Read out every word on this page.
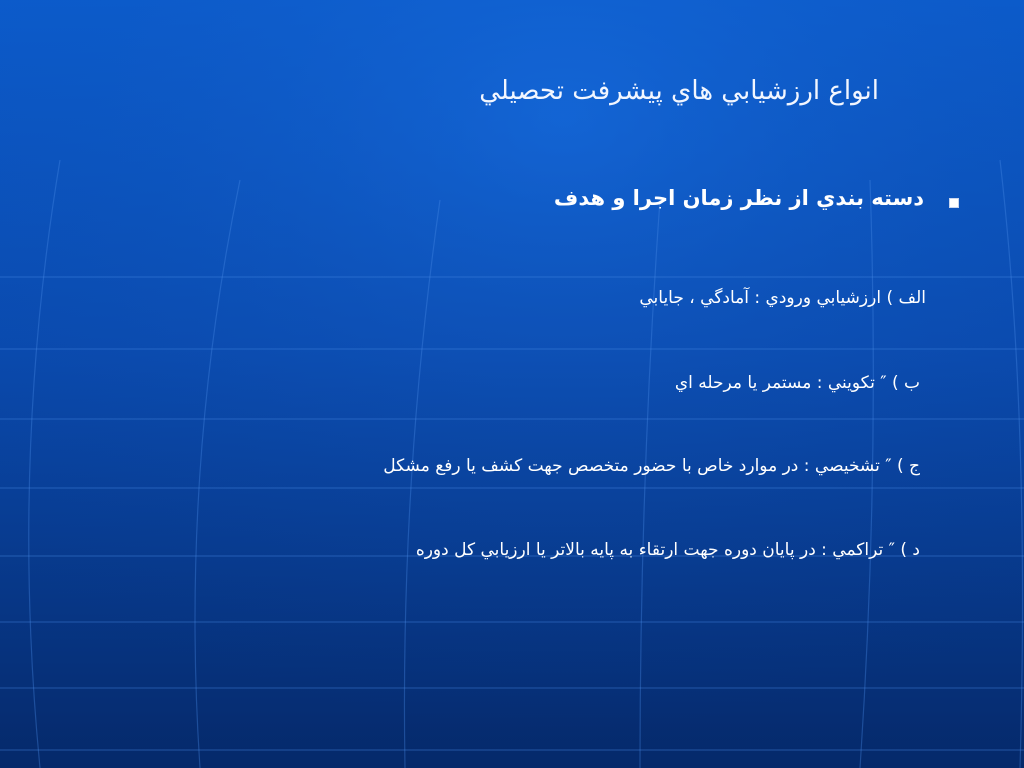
انواع ارزشيابي هاي پيشرفت تحصيلي
دسته بندي از نظر زمان اجرا و هدف
الف ) ارزشيابي ورودي : آمادگي ، جايابي
ب ) ″ تكويني : مستمر يا مرحله اي
ج ) ″ تشخيصي : در موارد خاص با حضور متخصص جهت كشف يا رفع مشكل
د ) ″ تراكمي : در پايان دوره جهت ارتقاء به پايه بالاتر يا ارزيابي كل دوره
